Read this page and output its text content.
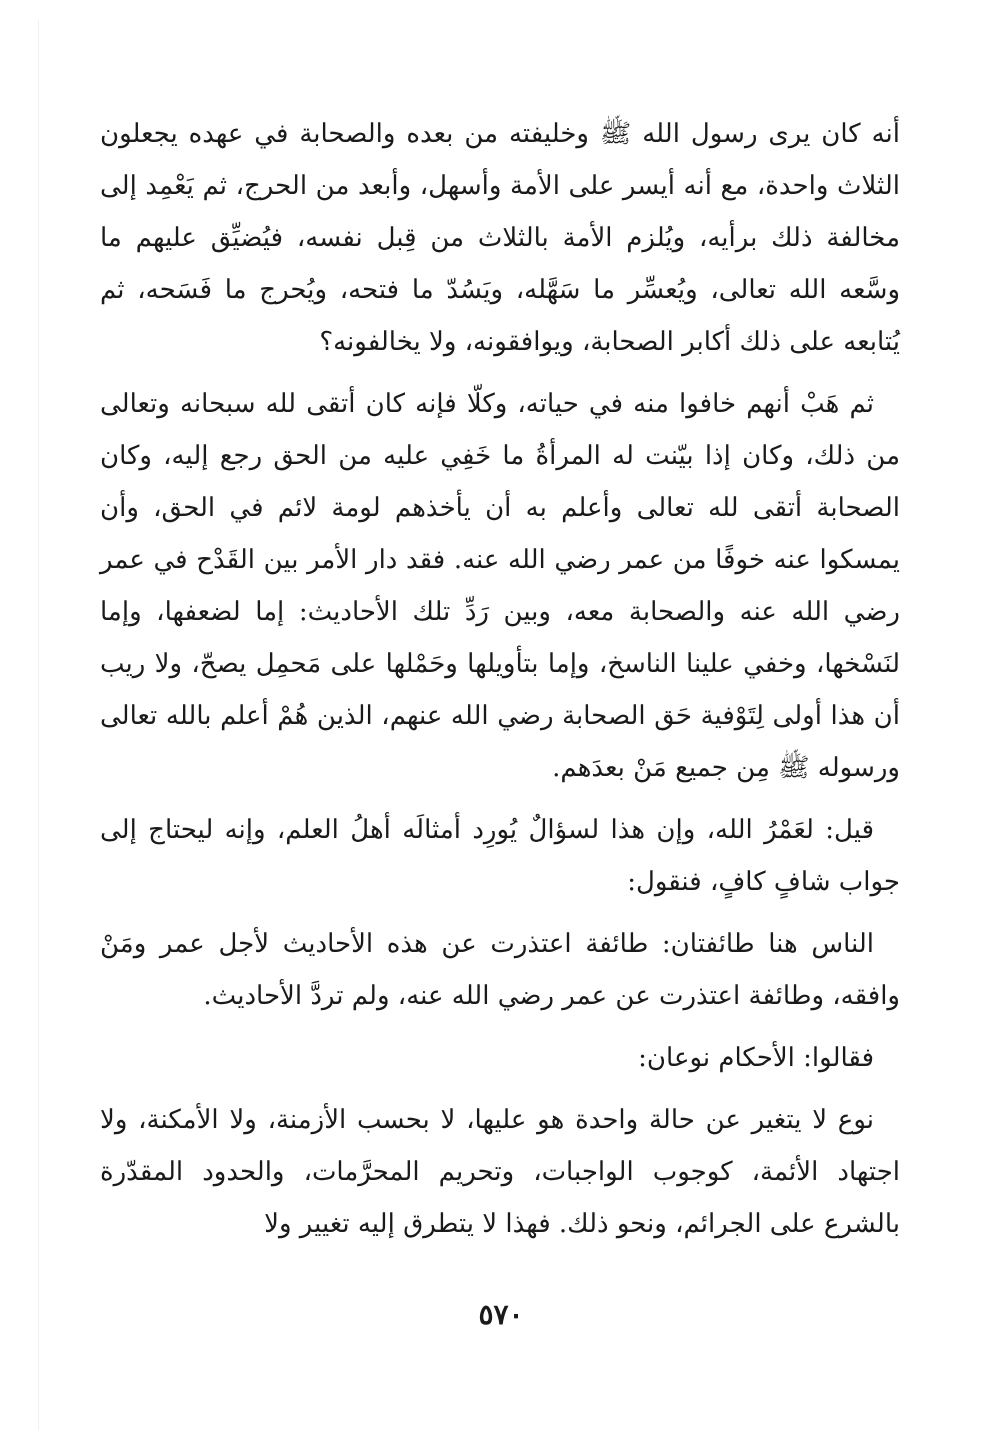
أنه كان يرى رسول الله ﷺ وخليفته من بعده والصحابة في عهده يجعلون الثلاث واحدة، مع أنه أيسر على الأمة وأسهل، وأبعد من الحرج، ثم يَعْمِد إلى مخالفة ذلك برأيه، ويُلزم الأمة بالثلاث من قِبل نفسه، فيُضيِّق عليهم ما وسَّعه الله تعالى، ويُعسِّر ما سَهَّله، ويَسُدّ ما فتحه، ويُحرج ما فَسَحه، ثم يُتابعه على ذلك أكابر الصحابة، ويوافقونه، ولا يخالفونه؟

ثم هَبْ أنهم خافوا منه في حياته، وكلّا فإنه كان أتقى لله سبحانه وتعالى من ذلك، وكان إذا بيّنت له المرأةُ ما خَفِي عليه من الحق رجع إليه، وكان الصحابة أتقى لله تعالى وأعلم به أن يأخذهم لومة لائم في الحق، وأن يمسكوا عنه خوفًا من عمر رضي الله عنه. فقد دار الأمر بين القَدْح في عمر رضي الله عنه والصحابة معه، وبين رَدِّ تلك الأحاديث: إما لضعفها، وإما لنَسْخها، وخفي علينا الناسخ، وإما بتأويلها وحَمْلها على مَحمِل يصحّ، ولا ريب أن هذا أولى لِتَوْفية حَق الصحابة رضي الله عنهم، الذين هُمْ أعلم بالله تعالى ورسوله ﷺ مِن جميع مَنْ بعدَهم.

قيل: لعَمْرُ الله، وإن هذا لسؤالٌ يُورِد أمثالَه أهلُ العلم، وإنه ليحتاج إلى جواب شافٍ كافٍ، فنقول:

الناس هنا طائفتان: طائفة اعتذرت عن هذه الأحاديث لأجل عمر ومَنْ وافقه، وطائفة اعتذرت عن عمر رضي الله عنه، ولم تردَّ الأحاديث.

فقالوا: الأحكام نوعان:

نوع لا يتغير عن حالة واحدة هو عليها، لا بحسب الأزمنة، ولا الأمكنة، ولا اجتهاد الأئمة، كوجوب الواجبات، وتحريم المحرَّمات، والحدود المقدّرة بالشرع على الجرائم، ونحو ذلك. فهذا لا يتطرق إليه تغيير ولا

٥٧٠
